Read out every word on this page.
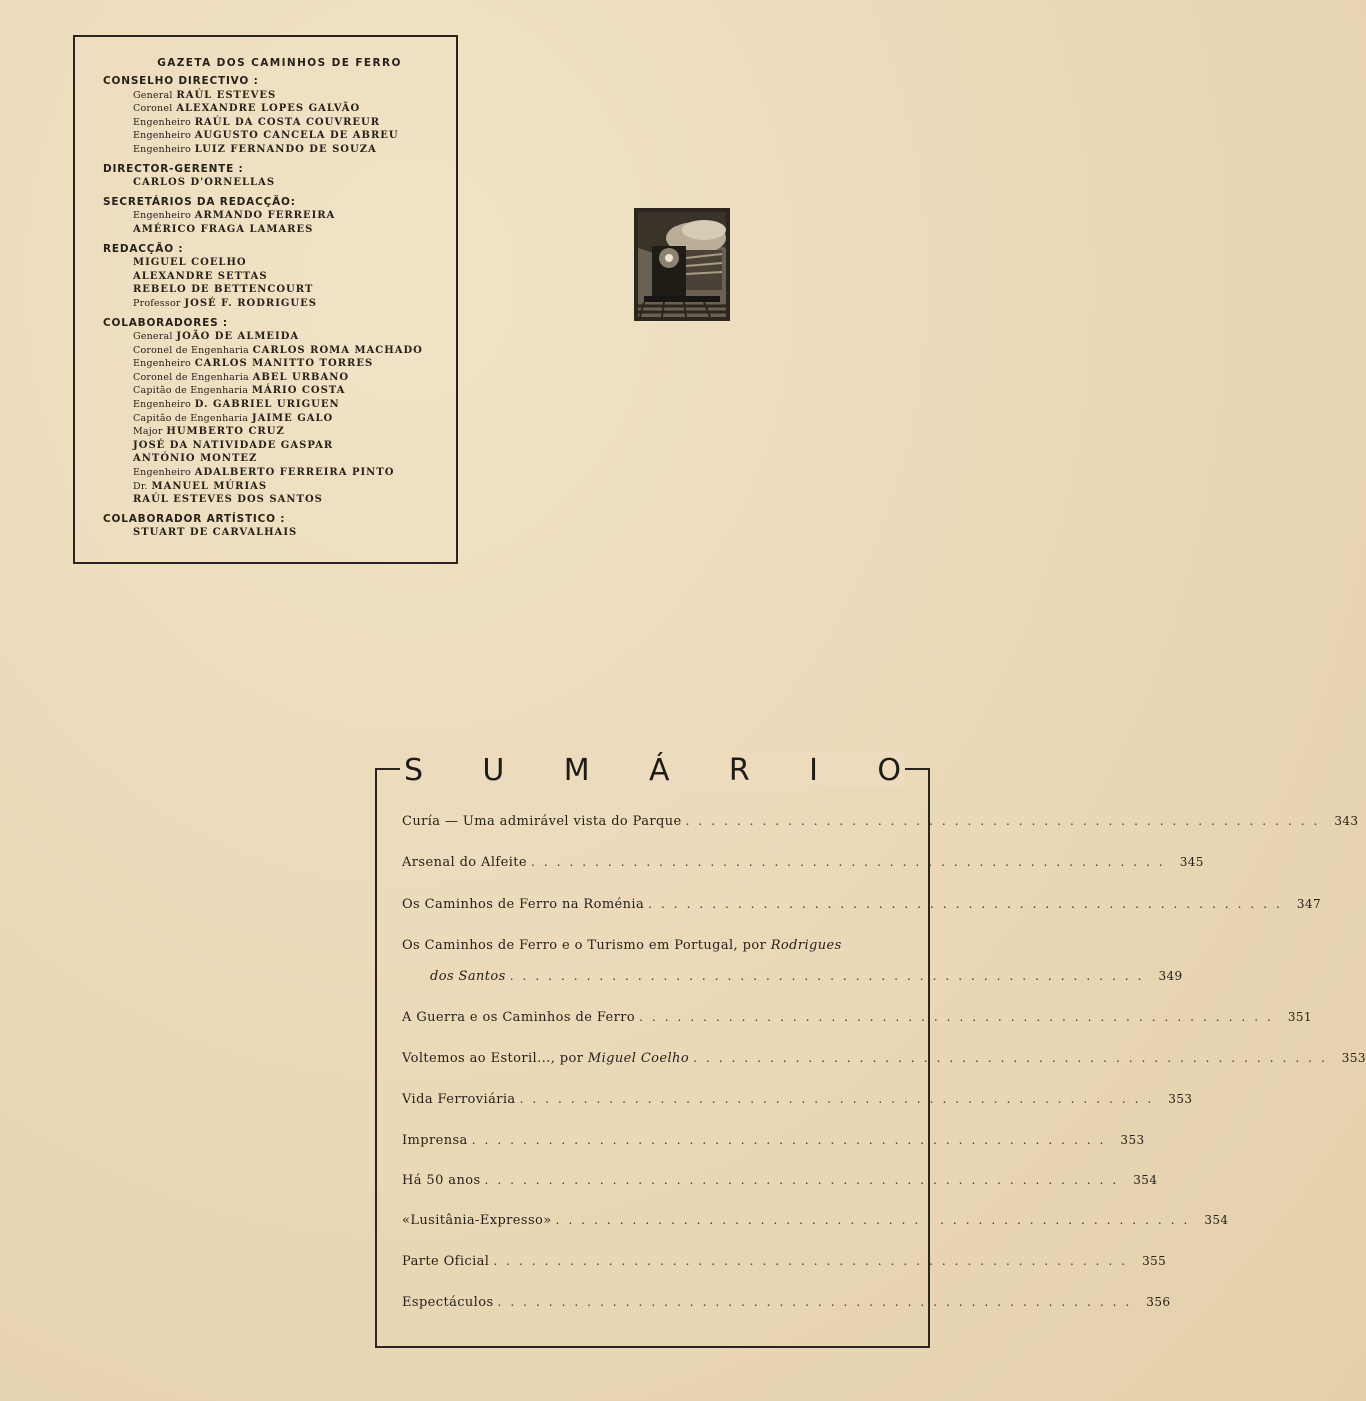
GAZETA DOS CAMINHOS DE FERRO
CONSELHO DIRECTIVO :
General RAÚL ESTEVES
Coronel ALEXANDRE LOPES GALVÃO
Engenheiro RAÚL DA COSTA COUVREUR
Engenheiro AUGUSTO CANCELA DE ABREU
Engenheiro LUIZ FERNANDO DE SOUZA
DIRECTOR-GERENTE :
CARLOS D'ORNELLAS
SECRETÁRIOS DA REDACÇÃO:
Engenheiro ARMANDO FERREIRA
AMÉRICO FRAGA LAMARES
REDACÇÃO :
MIGUEL COELHO
ALEXANDRE SETTAS
REBELO DE BETTENCOURT
Professor JOSÉ F. RODRIGUES
COLABORADORES :
General JOÃO DE ALMEIDA
Coronel de Engenharia CARLOS ROMA MACHADO
Engenheiro CARLOS MANITTO TORRES
Coronel de Engenharia ABEL URBANO
Capitão de Engenharia MÁRIO COSTA
Engenheiro D. GABRIEL URIGUEN
Capitão de Engenharia JAIME GALO
Major HUMBERTO CRUZ
JOSÉ DA NATIVIDADE GASPAR
ANTÓNIO MONTEZ
Engenheiro ADALBERTO FERREIRA PINTO
Dr. MANUEL MÚRIAS
RAÚL ESTEVES DOS SANTOS
COLABORADOR ARTÍSTICO :
STUART DE CARVALHAIS
S U M Á R I O
Curía — Uma admirável vista do Parque .................................................. 343
Arsenal do Alfeite .................................................. 345
Os Caminhos de Ferro na Roménia .................................................. 347
Os Caminhos de Ferro e o Turismo em Portugal, por Rodrigues
dos Santos .................................................. 349
A Guerra e os Caminhos de Ferro .................................................. 351
Voltemos ao Estoril..., por Miguel Coelho .................................................. 353
Vida Ferroviária .................................................. 353
Imprensa .................................................. 353
Há 50 anos .................................................. 354
«Lusitânia-Expresso» .................................................. 354
Parte Oficial .................................................. 355
Espectáculos .................................................. 356
